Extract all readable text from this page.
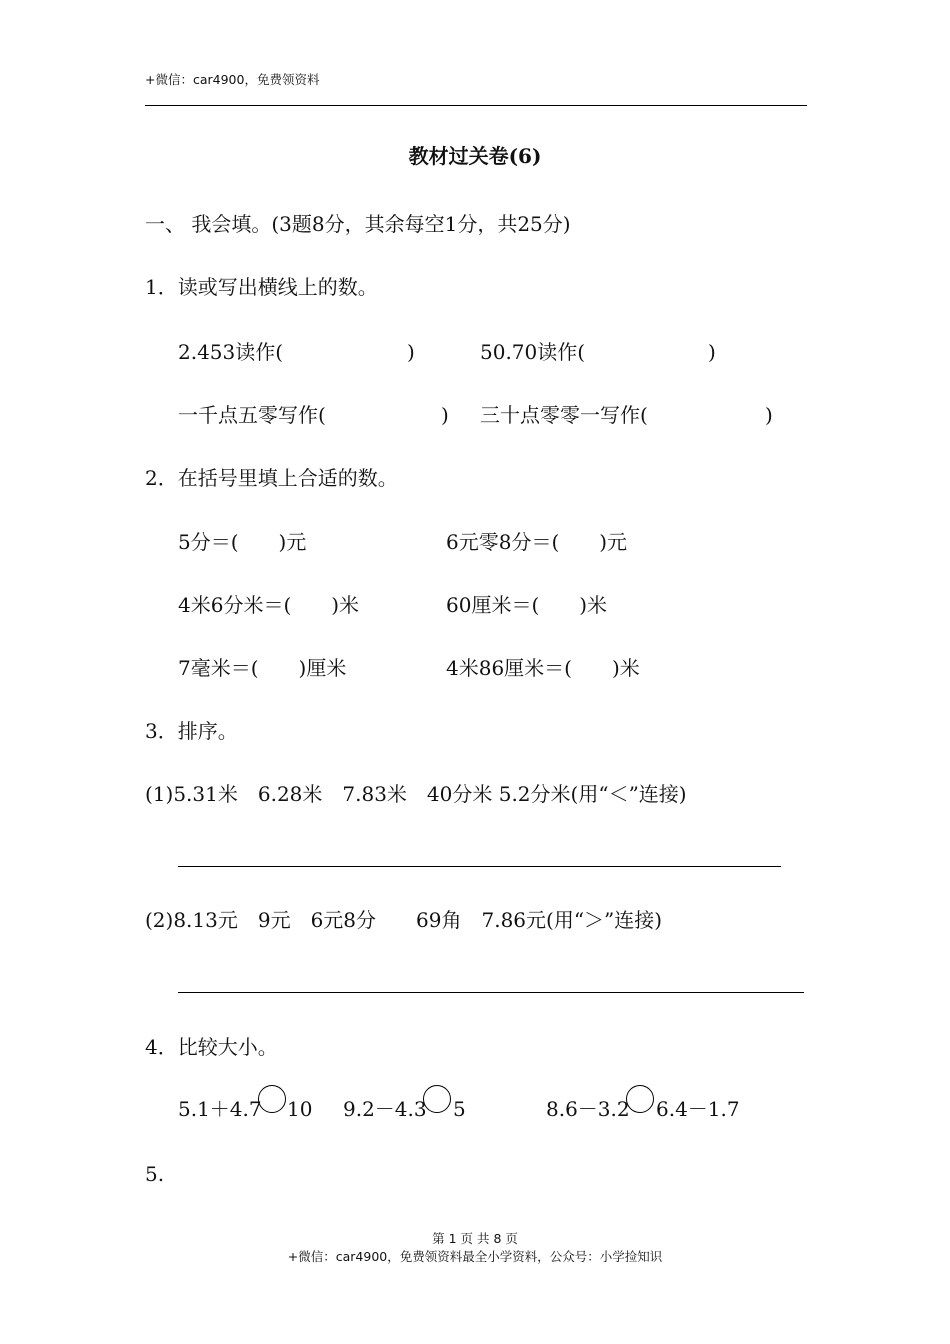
+微信：car4900，免费领资料
教材过关卷(6)
一、 我会填。(3题8分，其余每空1分，共25分)
1．读或写出横线上的数。
2.453读作(	)	50.70读作(	)
一千点五零写作(	) 三十点零零一写作(	)
2．在括号里填上合适的数。
5分＝(　　)元	6元零8分＝(　　)元
4米6分米＝(　　)米	60厘米＝(　　)米
7毫米＝(　　)厘米	4米86厘米＝(　　)米
3．排序。
(1)5.31米　6.28米　7.83米　40分米 5.2分米(用“＜”连接)
(2)8.13元　9元　6元8分　　69角　7.86元(用“＞”连接)
4．比较大小。
5.1＋4.7 10 9.2－4.3 5	8.6－3.2 6.4－1.7
5.
第 1 页 共 8 页
+微信：car4900，免费领资料最全小学资料，公众号：小学捡知识
